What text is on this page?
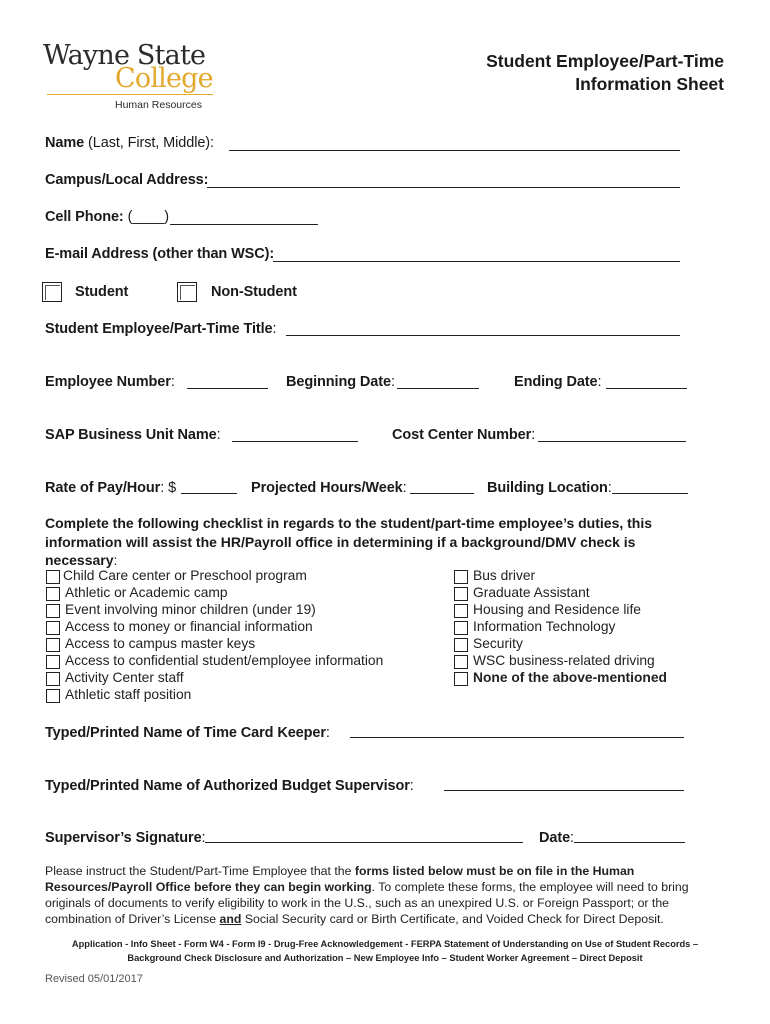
Wayne State
College
Human Resources
Student Employee/Part-Time
Information Sheet
Name (Last, First, Middle):
Campus/Local Address:
Cell Phone: (____)
E-mail Address (other than WSC):
Student	Non-Student
Student Employee/Part-Time Title:
Employee Number:	Beginning Date:	Ending Date:
SAP Business Unit Name:	Cost Center Number:
Rate of Pay/Hour: $	Projected Hours/Week:	Building Location:
Complete the following checklist in regards to the student/part-time employee’s duties, this
information will assist the HR/Payroll office in determining if a background/DMV check is
necessary:
Child Care center or Preschool program
Athletic or Academic camp
Event involving minor children (under 19)
Access to money or financial information
Access to campus master keys
Access to confidential student/employee information
Activity Center staff
Athletic staff position
Bus driver
Graduate Assistant
Housing and Residence life
Information Technology
Security
WSC business-related driving
None of the above-mentioned
Typed/Printed Name of Time Card Keeper:
Typed/Printed Name of Authorized Budget Supervisor:
Supervisor’s Signature:	Date:
Please instruct the Student/Part-Time Employee that the forms listed below must be on file in the Human Resources/Payroll Office before they can begin working. To complete these forms, the employee will need to bring originals of documents to verify eligibility to work in the U.S., such as an unexpired U.S. or Foreign Passport; or the combination of Driver’s License and Social Security card or Birth Certificate, and Voided Check for Direct Deposit.
Application - Info Sheet - Form W4 - Form I9 - Drug-Free Acknowledgement - FERPA Statement of Understanding on Use of Student Records –
Background Check Disclosure and Authorization – New Employee Info – Student Worker Agreement – Direct Deposit
Revised 05/01/2017
